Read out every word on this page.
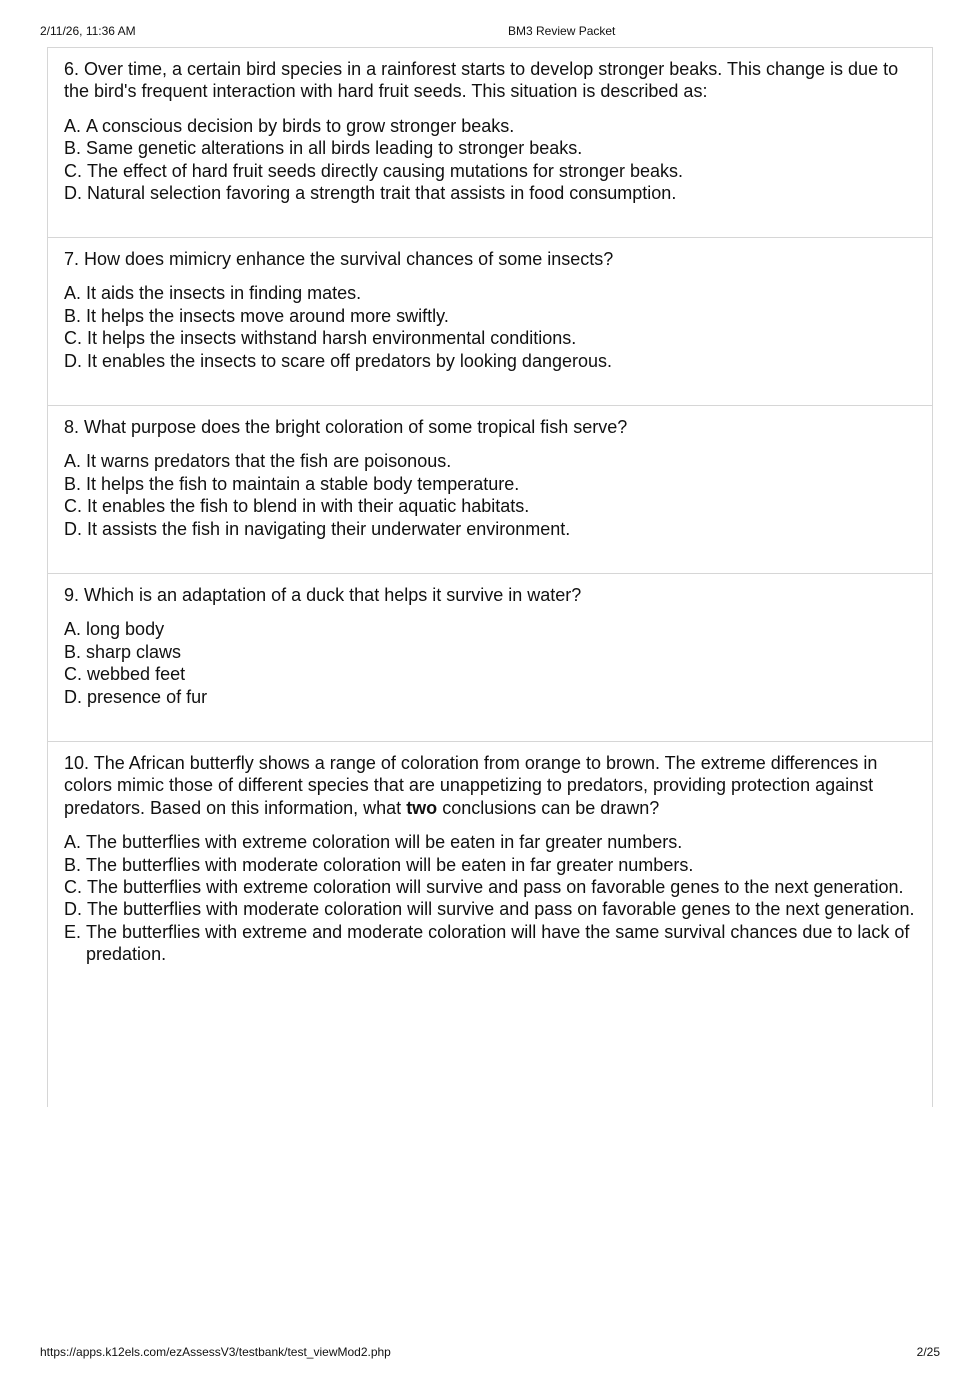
2/11/26, 11:36 AM	BM3 Review Packet

6. Over time, a certain bird species in a rainforest starts to develop stronger beaks. This change is due to the bird's frequent interaction with hard fruit seeds. This situation is described as:

A. A conscious decision by birds to grow stronger beaks.
B. Same genetic alterations in all birds leading to stronger beaks.
C. The effect of hard fruit seeds directly causing mutations for stronger beaks.
D. Natural selection favoring a strength trait that assists in food consumption.

7. How does mimicry enhance the survival chances of some insects?

A. It aids the insects in finding mates.
B. It helps the insects move around more swiftly.
C. It helps the insects withstand harsh environmental conditions.
D. It enables the insects to scare off predators by looking dangerous.

8. What purpose does the bright coloration of some tropical fish serve?

A. It warns predators that the fish are poisonous.
B. It helps the fish to maintain a stable body temperature.
C. It enables the fish to blend in with their aquatic habitats.
D. It assists the fish in navigating their underwater environment.

9. Which is an adaptation of a duck that helps it survive in water?

A. long body
B. sharp claws
C. webbed feet
D. presence of fur

10. The African butterfly shows a range of coloration from orange to brown. The extreme differences in colors mimic those of different species that are unappetizing to predators, providing protection against predators. Based on this information, what two conclusions can be drawn?

A. The butterflies with extreme coloration will be eaten in far greater numbers.
B. The butterflies with moderate coloration will be eaten in far greater numbers.
C. The butterflies with extreme coloration will survive and pass on favorable genes to the next generation.
D. The butterflies with moderate coloration will survive and pass on favorable genes to the next generation.
E. The butterflies with extreme and moderate coloration will have the same survival chances due to lack of predation.
https://apps.k12els.com/ezAssessV3/testbank/test_viewMod2.php	2/25
